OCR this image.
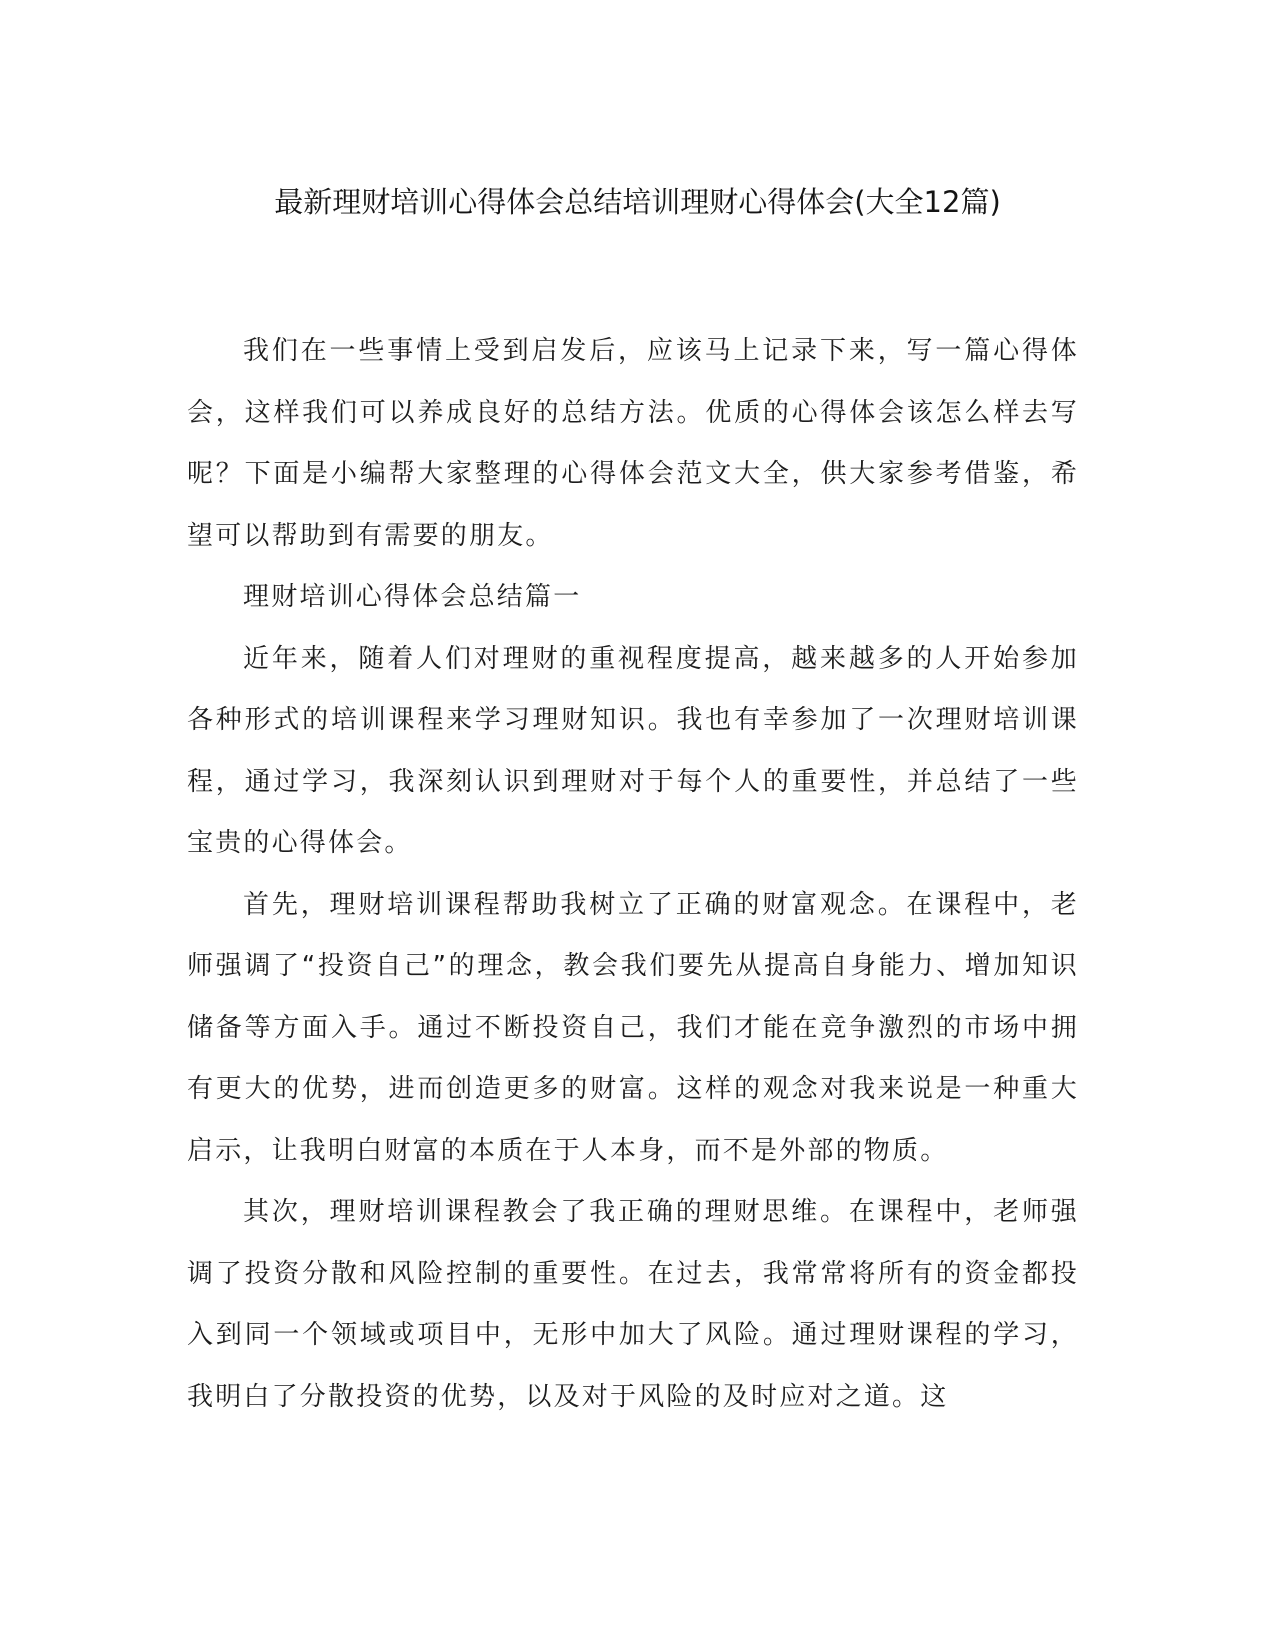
最新理财培训心得体会总结培训理财心得体会(大全12篇)

我们在一些事情上受到启发后，应该马上记录下来，写一篇心得体会，这样我们可以养成良好的总结方法。优质的心得体会该怎么样去写呢？下面是小编帮大家整理的心得体会范文大全，供大家参考借鉴，希望可以帮助到有需要的朋友。

理财培训心得体会总结篇一

近年来，随着人们对理财的重视程度提高，越来越多的人开始参加各种形式的培训课程来学习理财知识。我也有幸参加了一次理财培训课程，通过学习，我深刻认识到理财对于每个人的重要性，并总结了一些宝贵的心得体会。

首先，理财培训课程帮助我树立了正确的财富观念。在课程中，老师强调了“投资自己”的理念，教会我们要先从提高自身能力、增加知识储备等方面入手。通过不断投资自己，我们才能在竞争激烈的市场中拥有更大的优势，进而创造更多的财富。这样的观念对我来说是一种重大启示，让我明白财富的本质在于人本身，而不是外部的物质。

其次，理财培训课程教会了我正确的理财思维。在课程中，老师强调了投资分散和风险控制的重要性。在过去，我常常将所有的资金都投入到同一个领域或项目中，无形中加大了风险。通过理财课程的学习，我明白了分散投资的优势，以及对于风险的及时应对之道。这
